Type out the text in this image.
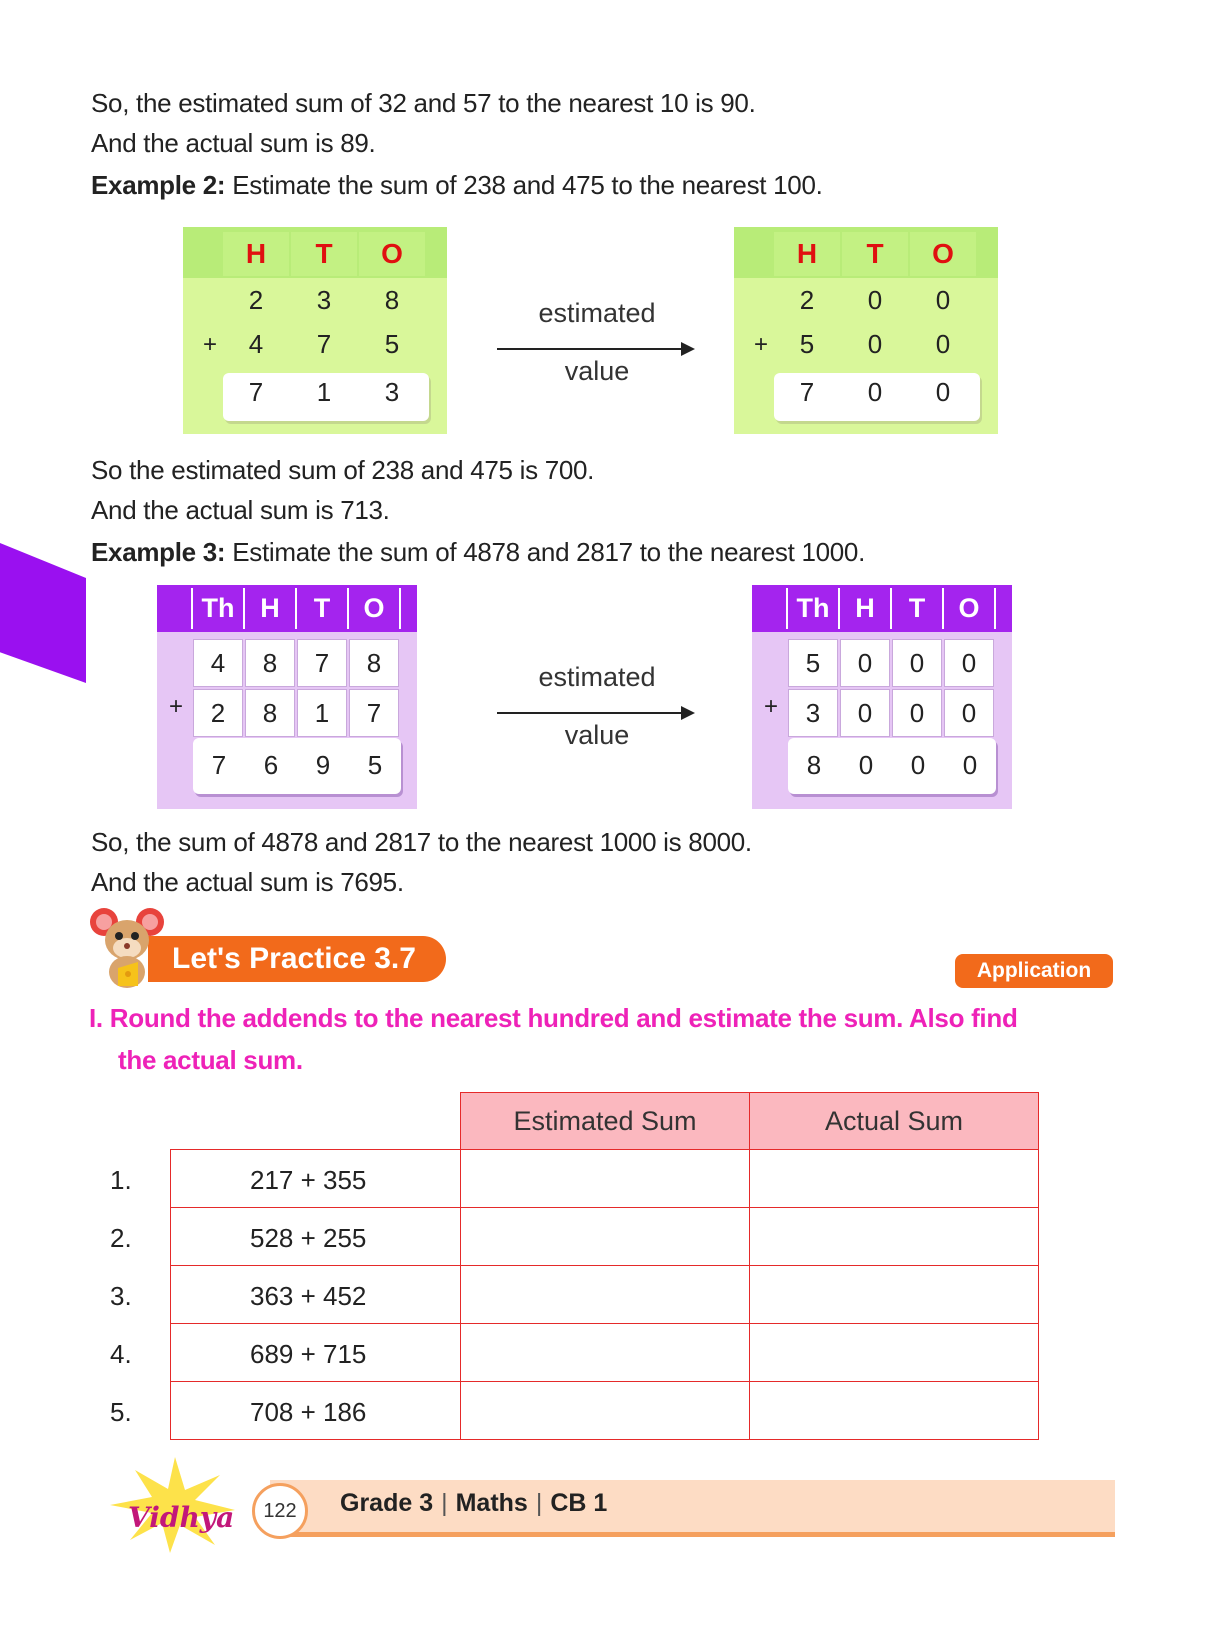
So, the estimated sum of 32 and 57 to the nearest 10 is 90.
And the actual sum is 89.
Example 2: Estimate the sum of 238 and 475 to the nearest 100.
H	T	O
2	3	8
+	4	7	5
7	1	3
estimated
value
H	T	O
2	0	0
+	5	0	0
7	0	0
So the estimated sum of 238 and 475 is 700.
And the actual sum is 713.
Example 3: Estimate the sum of 4878 and 2817 to the nearest 1000.
Th H	T	O
4	8	7	8
+	2	8	1	7
7	6	9	5
estimated
value
Th H	T	O
5	0	0	0
+	3	0	0	0
8	0	0	0
So, the sum of 4878 and 2817 to the nearest 1000 is 8000.
And the actual sum is 7695.
Let's Practice 3.7	Application
I. Round the addends to the nearest hundred and estimate the sum. Also find
the actual sum.
Estimated Sum	Actual Sum
1.	217 + 355
2.	528 + 255
3.	363 + 452
4.	689 + 715
5.	708 + 186
Vidhya	122	Grade 3 | Maths | CB 1
